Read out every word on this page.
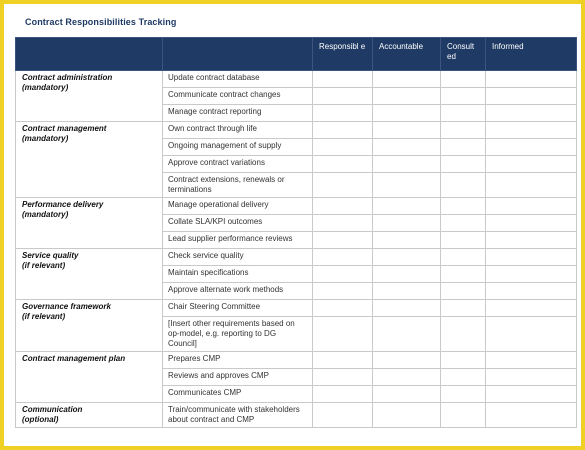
Contract Responsibilities Tracking
		Responsibl e	Accountable	Consult ed	Informed
Contract administration
(mandatory)	Update contract database				
	Communicate contract changes				
	Manage contract reporting				
Contract management
(mandatory)	Own contract through life				
	Ongoing management of supply				
	Approve contract variations				
	Contract extensions, renewals or terminations				
Performance delivery
(mandatory)	Manage operational delivery				
	Collate SLA/KPI outcomes				
	Lead supplier performance reviews				
Service quality
(if relevant)	Check service quality				
	Maintain specifications				
	Approve alternate work methods				
Governance framework
(if relevant)	Chair Steering Committee				
	[Insert other requirements based on op-model, e.g. reporting to DG Council]				
Contract management plan	Prepares CMP				
	Reviews and approves CMP				
	Communicates CMP				
Communication
(optional)	Train/communicate with stakeholders about contract and CMP				
